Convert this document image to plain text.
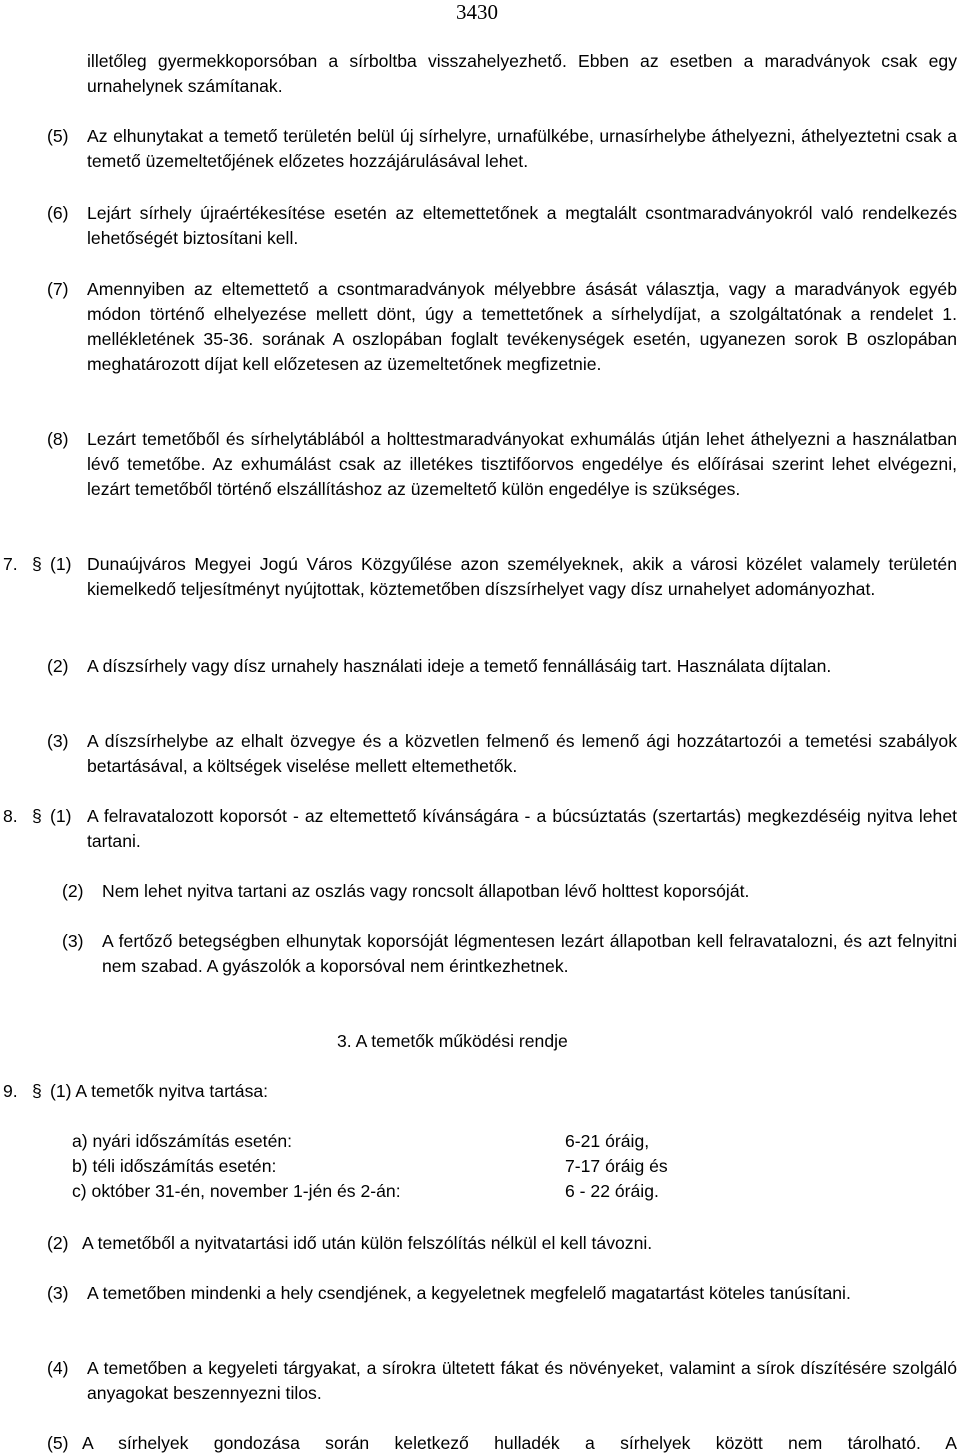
3430
illetőleg gyermekkoporsóban a sírboltba visszahelyezhető. Ebben az esetben a maradványok csak egy urnahelynek számítanak.
(5) Az elhunytakat a temető területén belül új sírhelyre, urnafülkébe, urnasírhelybe áthelyezni, áthelyeztetni csak a temető üzemeltetőjének előzetes hozzájárulásával lehet.
(6) Lejárt sírhely újraértékesítése esetén az eltemettetőnek a megtalált csontmaradványokról való rendelkezés lehetőségét biztosítani kell.
(7) Amennyiben az eltemettető a csontmaradványok mélyebbre ásását választja, vagy a maradványok egyéb módon történő elhelyezése mellett dönt, úgy a temettetőnek a sírhelydíjat, a szolgáltatónak a rendelet 1. mellékletének 35-36. sorának A oszlopában foglalt tevékenységek esetén, ugyanezen sorok B oszlopában meghatározott díjat kell előzetesen az üzemeltetőnek megfizetnie.
(8) Lezárt temetőből és sírhelytáblából a holttestmaradványokat exhumálás útján lehet áthelyezni a használatban lévő temetőbe. Az exhumálást csak az illetékes tisztifőorvos engedélye és előírásai szerint lehet elvégezni, lezárt temetőből történő elszállításhoz az üzemeltető külön engedélye is szükséges.
7. § (1) Dunaújváros Megyei Jogú Város Közgyűlése azon személyeknek, akik a városi közélet valamely területén kiemelkedő teljesítményt nyújtottak, köztemetőben díszsírhelyet vagy dísz urnahelyet adományozhat.
(2) A díszsírhely vagy dísz urnahely használati ideje a temető fennállásáig tart. Használata díjtalan.
(3) A díszsírhelybe az elhalt özvegye és a közvetlen felmenő és lemenő ági hozzátartozói a temetési szabályok betartásával, a költségek viselése mellett eltemethetők.
8. § (1) A felravatalozott koporsót - az eltemettető kívánságára - a búcsúztatás (szertartás) megkezdéséig nyitva lehet tartani.
(2) Nem lehet nyitva tartani az oszlás vagy roncsolt állapotban lévő holttest koporsóját.
(3) A fertőző betegségben elhunytak koporsóját légmentesen lezárt állapotban kell felravatalozni, és azt felnyitni nem szabad. A gyászolók a koporsóval nem érintkezhetnek.
3. A temetők működési rendje
9. § (1) A temetők nyitva tartása:
a) nyári időszámítás esetén:	6-21 óráig,
b) téli időszámítás esetén:	7-17 óráig és
c) október 31-én, november 1-jén és 2-án:	6 - 22 óráig.
(2) A temetőből a nyitvatartási idő után külön felszólítás nélkül el kell távozni.
(3) A temetőben mindenki a hely csendjének, a kegyeletnek megfelelő magatartást köteles tanúsítani.
(4) A temetőben a kegyeleti tárgyakat, a sírokra ültetett fákat és növényeket, valamint a sírok díszítésére szolgáló anyagokat beszennyezni tilos.
(5) A sírhelyek gondozása során keletkező hulladék a sírhelyek között nem tárolható. A
